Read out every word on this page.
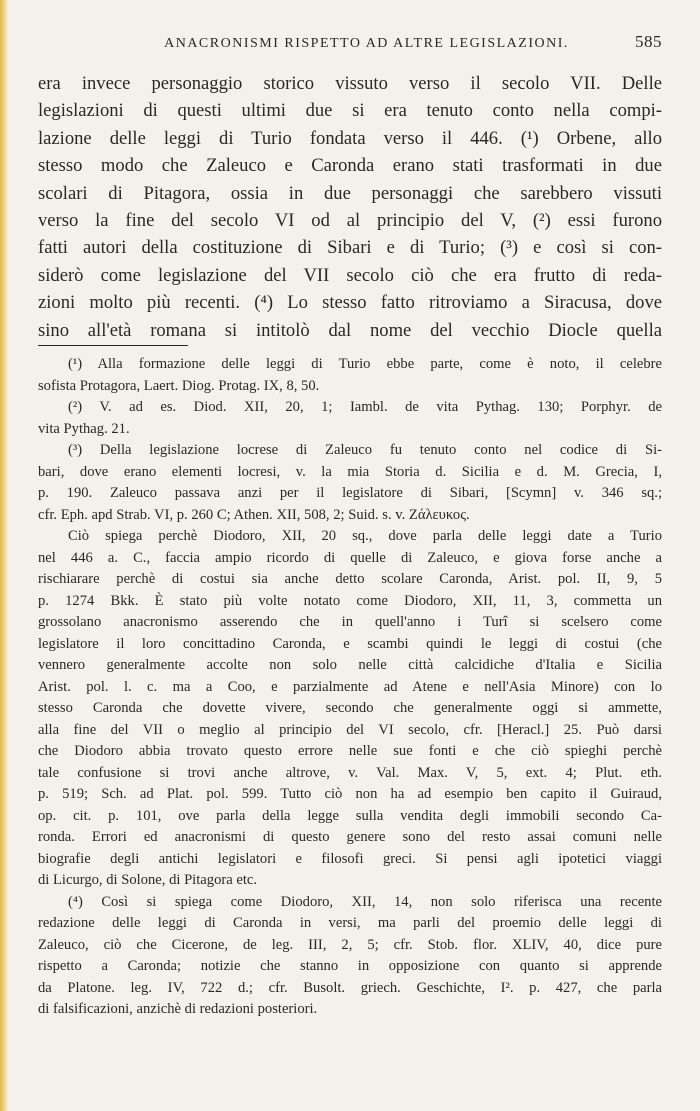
ANACRONISMI RISPETTO AD ALTRE LEGISLAZIONI.	585
era invece personaggio storico vissuto verso il secolo VII. Delle
legislazioni di questi ultimi due si era tenuto conto nella compi-
lazione delle leggi di Turio fondata verso il 446. (¹) Orbene, allo
stesso modo che Zaleuco e Caronda erano stati trasformati in due
scolari di Pitagora, ossia in due personaggi che sarebbero vissuti
verso la fine del secolo VI od al principio del V, (²) essi furono
fatti autori della costituzione di Sibari e di Turio; (³) e così si con-
siderò come legislazione del VII secolo ciò che era frutto di reda-
zioni molto più recenti. (⁴) Lo stesso fatto ritroviamo a Siracusa, dove
sino all'età romana si intitolò dal nome del vecchio Diocle quella
(¹) Alla formazione delle leggi di Turio ebbe parte, come è noto, il celebre
sofista Protagora, Laert. Diog. Protag. IX, 8, 50.
(²) V. ad es. Diod. XII, 20, 1; Iambl. de vita Pythag. 130; Porphyr. de
vita Pythag. 21.
(³) Della legislazione locrese di Zaleuco fu tenuto conto nel codice di Si-
bari, dove erano elementi locresi, v. la mia Storia d. Sicilia e d. M. Grecia, I,
p. 190. Zaleuco passava anzi per il legislatore di Sibari, [Scymn] v. 346 sq.;
cfr. Eph. apd Strab. VI, p. 260 C; Athen. XII, 508, 2; Suid. s. v. Ζάλευκος.
Ciò spiega perchè Diodoro, XII, 20 sq., dove parla delle leggi date a Turio
nel 446 a. C., faccia ampio ricordo di quelle di Zaleuco, e giova forse anche a
rischiarare perchè di costui sia anche detto scolare Caronda, Arist. pol. II, 9, 5
p. 1274 Bkk. È stato più volte notato come Diodoro, XII, 11, 3, commetta un
grossolano anacronismo asserendo che in quell'anno i Turî si scelsero come
legislatore il loro concittadino Caronda, e scambi quindi le leggi di costui (che
vennero generalmente accolte non solo nelle città calcidiche d'Italia e Sicilia
Arist. pol. l. c. ma a Coo, e parzialmente ad Atene e nell'Asia Minore) con lo
stesso Caronda che dovette vivere, secondo che generalmente oggi si ammette,
alla fine del VII o meglio al principio del VI secolo, cfr. [Heracl.] 25. Può darsi
che Diodoro abbia trovato questo errore nelle sue fonti e che ciò spieghi perchè
tale confusione si trovi anche altrove, v. Val. Max. V, 5, ext. 4; Plut. eth.
p. 519; Sch. ad Plat. pol. 599. Tutto ciò non ha ad esempio ben capito il Guiraud,
op. cit. p. 101, ove parla della legge sulla vendita degli immobili secondo Ca-
ronda. Errori ed anacronismi di questo genere sono del resto assai comuni nelle
biografie degli antichi legislatori e filosofi greci. Si pensi agli ipotetici viaggi
di Licurgo, di Solone, di Pitagora etc.
(⁴) Così si spiega come Diodoro, XII, 14, non solo riferisca una recente
redazione delle leggi di Caronda in versi, ma parli del proemio delle leggi di
Zaleuco, ciò che Cicerone, de leg. III, 2, 5; cfr. Stob. flor. XLIV, 40, dice pure
rispetto a Caronda; notizie che stanno in opposizione con quanto si apprende
da Platone. leg. IV, 722 d.; cfr. Busolt. griech. Geschichte, I². p. 427, che parla
di falsificazioni, anzichè di redazioni posteriori.
